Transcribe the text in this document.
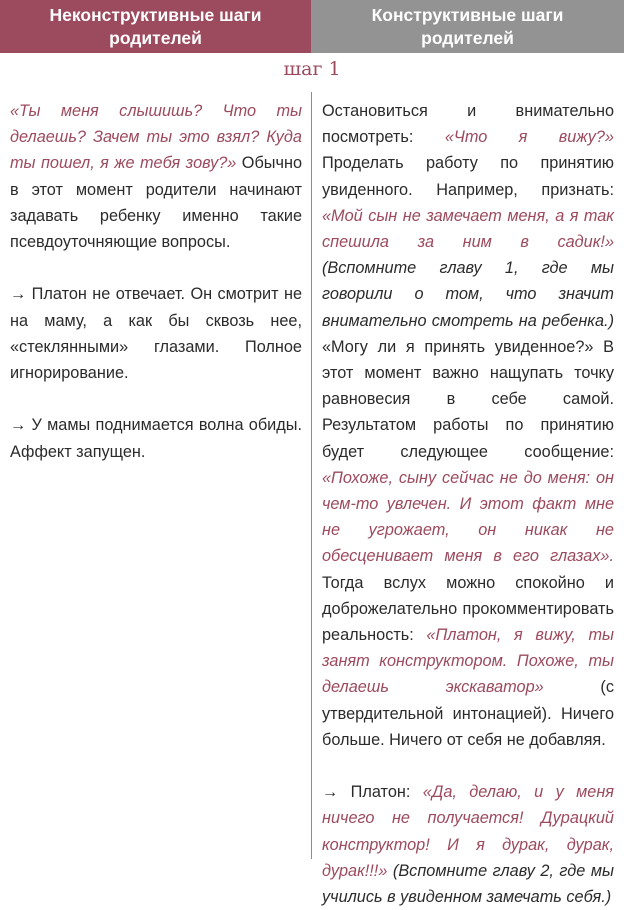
Неконструктивные шаги родителей
Конструктивные шаги родителей
шаг 1

«Ты меня слышишь? Что ты делаешь? Зачем ты это взял? Куда ты пошел, я же тебя зову?» Обычно в этот момент родители начинают задавать ребенку именно такие псевдоуточняющие вопросы.

→ Платон не отвечает. Он смотрит не на маму, а как бы сквозь нее, «стеклянными» глазами. Полное игнорирование.

→ У мамы поднимается волна обиды. Аффект запущен.

Остановиться и внимательно посмотреть: «Что я вижу?» Проделать работу по принятию увиденного. Например, признать: «Мой сын не замечает меня, а я так спешила за ним в садик!» (Вспомните главу 1, где мы говорили о том, что значит внимательно смотреть на ребенка.) «Могу ли я принять увиденное?» В этот момент важно нащупать точку равновесия в себе самой. Результатом работы по принятию будет следующее сообщение: «Похоже, сыну сейчас не до меня: он чем-то увлечен. И этот факт мне не угрожает, он никак не обесценивает меня в его глазах». Тогда вслух можно спокойно и доброжелательно прокомментировать реальность: «Платон, я вижу, ты занят конструктором. Похоже, ты делаешь экскаватор» (с утвердительной интонацией). Ничего больше. Ничего от себя не добавляя.

→ Платон: «Да, делаю, и у меня ничего не получается! Дурацкий конструктор! И я дурак, дурак, дурак!!!» (Вспомните главу 2, где мы учились в увиденном замечать себя.)
